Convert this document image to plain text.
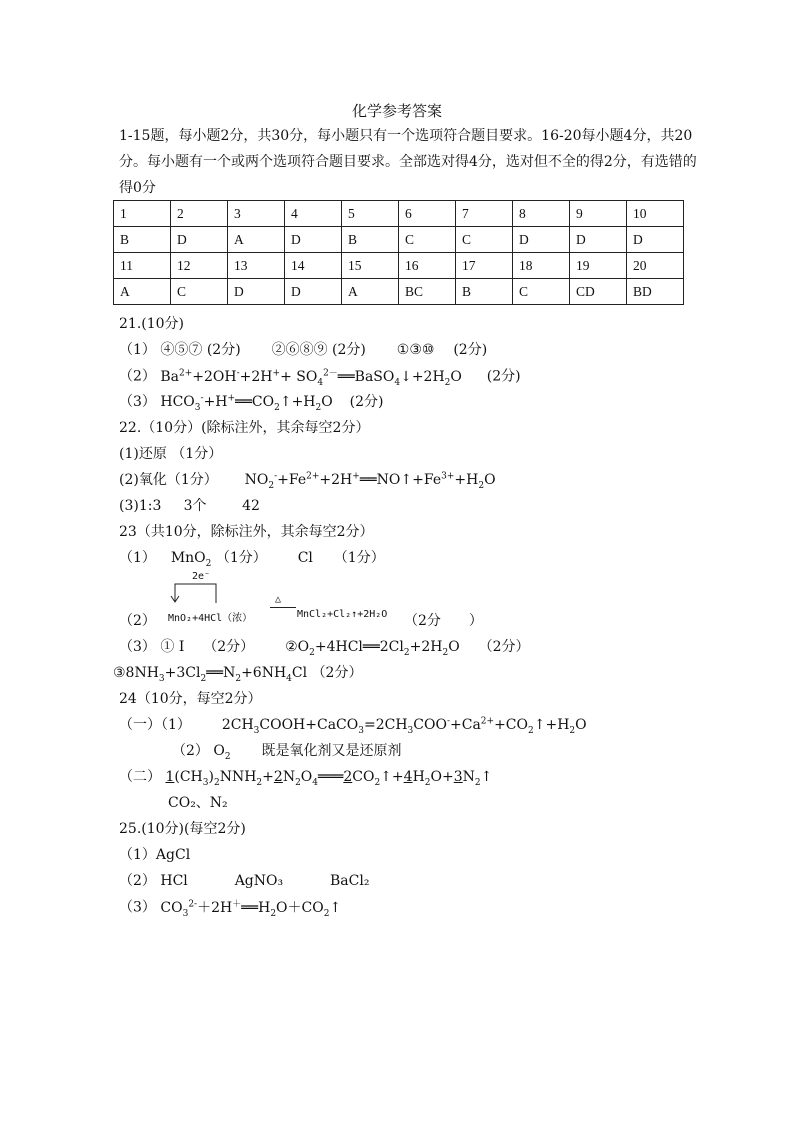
化学参考答案
1-15题，每小题2分，共30分，每小题只有一个选项符合题目要求。16-20每小题4分，共20分。每小题有一个或两个选项符合题目要求。全部选对得4分，选对但不全的得2分，有选错的得0分
1	2	3	4	5	6	7	8	9	10
B	D	A	D	B	C	C	D	D	D
11	12	13	14	15	16	17	18	19	20
A	C	D	D	A	BC	B	C	CD	BD
21.(10分)
（1） ④⑤⑦ (2分) ②⑥⑧⑨ (2分) ①③⑩ (2分)
（2） $Ba^{2+}+2OH^-+2H^++$ $SO_4^{2-}══BaSO_4↓+2H_2O$ (2分)
（3） $HCO_3^-+H^+══CO_2↑+H_2O$ (2分)
22.（10分）(除标注外，其余每空2分）
(1)还原 （1分）
(2)氧化（1分） $NO_2^-+Fe^{2+}+2H^+══NO↑+Fe^{3+}+H_2O$
(3)1:3     3个        42
23（共10分，除标注外，其余每空2分）
（1） MnO$_2$ （1分） Cl （1分）
2e⁻
（2） MnO₂+4HCl（浓）
△
MnCl₂+Cl₂↑+2H₂O （2分　　）
（3） ① Ⅰ （2分） $②O_2+4HCl══2Cl_2+2H_2O$ （2分）
$③8NH_3+3Cl_2══N_2+6NH_4Cl$ （2分）
24（10分，每空2分）
（一）（1） $2CH_3COOH+CaCO_3=2CH_3COO^-+Ca^{2+}+CO_2↑+H_2O$
（2） $O_2$ 既是氧化剂又是还原剂
（二） $1(CH_3)_2NNH_2+2N_2O_4═══2CO_2↑+4H_2O+3N_2↑$
CO₂、N₂
25.(10分)(每空2分)
（1）AgCl
（2） HCl	AgNO₃	BaCl₂
（3） $CO_3^{2-}+2H^+══H_2O+CO_2↑$
